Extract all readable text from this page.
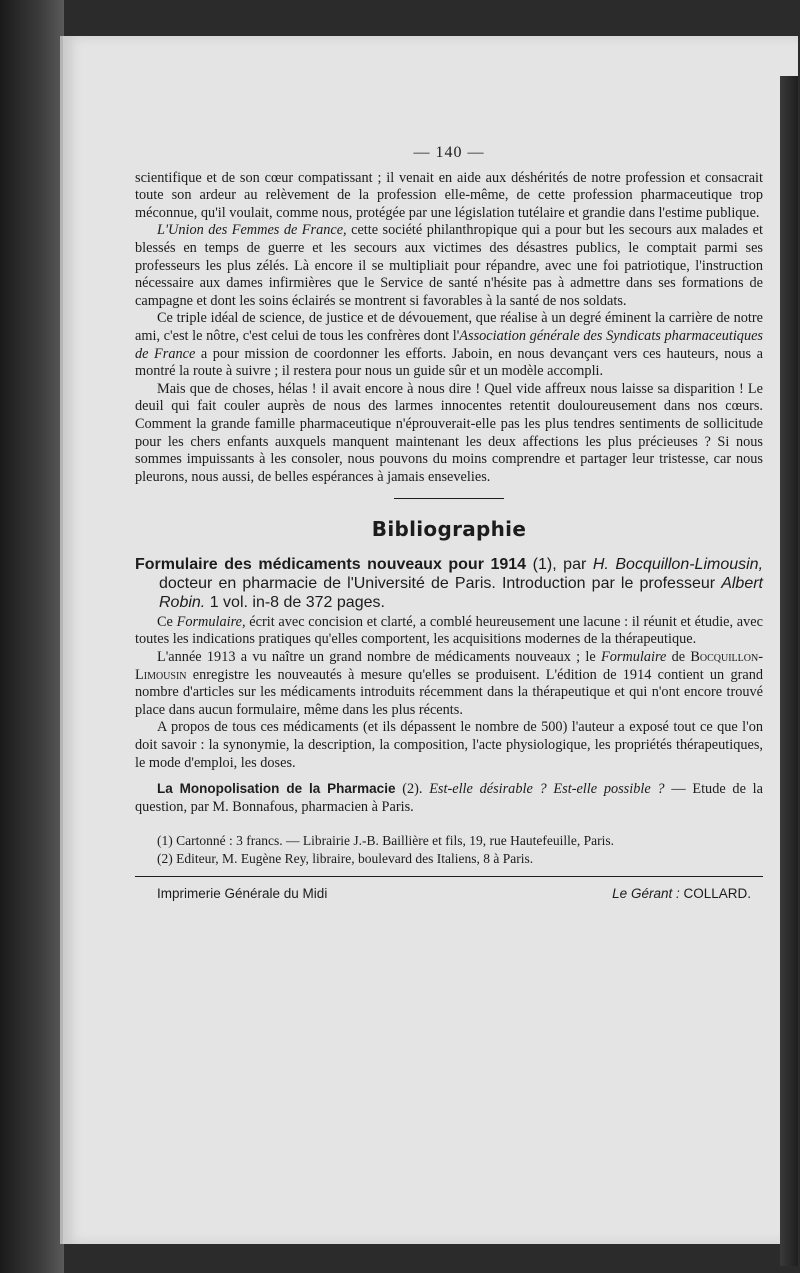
— 140 —

scientifique et de son cœur compatissant ; il venait en aide aux déshérités de notre profession et consacrait toute son ardeur au relèvement de la profession elle-même, de cette profession pharmaceutique trop méconnue, qu'il voulait, comme nous, protégée par une législation tutélaire et grandie dans l'estime publique.

L'Union des Femmes de France, cette société philanthropique qui a pour but les secours aux malades et blessés en temps de guerre et les secours aux victimes des désastres publics, le comptait parmi ses professeurs les plus zélés. Là encore il se multipliait pour répandre, avec une foi patriotique, l'instruction nécessaire aux dames infirmières que le Service de santé n'hésite pas à admettre dans ses formations de campagne et dont les soins éclairés se montrent si favorables à la santé de nos soldats.

Ce triple idéal de science, de justice et de dévouement, que réalise à un degré éminent la carrière de notre ami, c'est le nôtre, c'est celui de tous les confrères dont l'Association générale des Syndicats pharmaceutiques de France a pour mission de coordonner les efforts. Jaboin, en nous devançant vers ces hauteurs, nous a montré la route à suivre ; il restera pour nous un guide sûr et un modèle accompli.

Mais que de choses, hélas ! il avait encore à nous dire ! Quel vide affreux nous laisse sa disparition ! Le deuil qui fait couler auprès de nous des larmes innocentes retentit douloureusement dans nos cœurs. Comment la grande famille pharmaceutique n'éprouverait-elle pas les plus tendres sentiments de sollicitude pour les chers enfants auxquels manquent maintenant les deux affections les plus précieuses ? Si nous sommes impuissants à les consoler, nous pouvons du moins comprendre et partager leur tristesse, car nous pleurons, nous aussi, de belles espérances à jamais ensevelies.

Bibliographie
Formulaire des médicaments nouveaux pour 1914 (1), par H. Bocquillon-Limousin, docteur en pharmacie de l'Université de Paris. Introduction par le professeur Albert Robin. 1 vol. in-8 de 372 pages.

Ce Formulaire, écrit avec concision et clarté, a comblé heureusement une lacune : il réunit et étudie, avec toutes les indications pratiques qu'elles comportent, les acquisitions modernes de la thérapeutique.

L'année 1913 a vu naître un grand nombre de médicaments nouveaux ; le Formulaire de Bocquillon-Limousin enregistre les nouveautés à mesure qu'elles se produisent. L'édition de 1914 contient un grand nombre d'articles sur les médicaments introduits récemment dans la thérapeutique et qui n'ont encore trouvé place dans aucun formulaire, même dans les plus récents.

A propos de tous ces médicaments (et ils dépassent le nombre de 500) l'auteur a exposé tout ce que l'on doit savoir : la synonymie, la description, la composition, l'acte physiologique, les propriétés thérapeutiques, le mode d'emploi, les doses.

La Monopolisation de la Pharmacie (2). Est-elle désirable ? Est-elle possible ? — Etude de la question, par M. Bonnafous, pharmacien à Paris.

(1) Cartonné : 3 francs. — Librairie J.-B. Baillière et fils, 19, rue Hautefeuille, Paris.

(2) Editeur, M. Eugène Rey, libraire, boulevard des Italiens, 8 à Paris.

Imprimerie Générale du Midi	Le Gérant : COLLARD.
